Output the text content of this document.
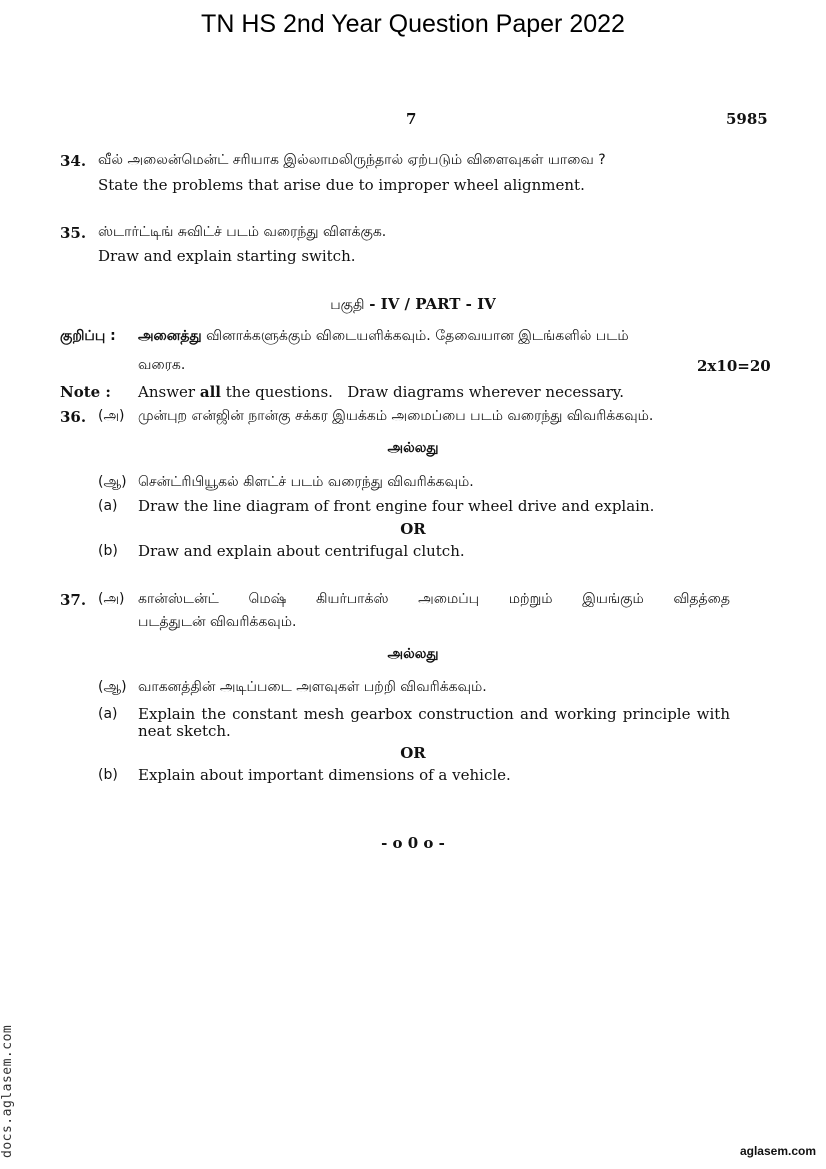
TN HS 2nd Year Question Paper 2022
7	5985
34. வீல் அலைன்மென்ட் சரியாக இல்லாமலிருந்தால் ஏற்படும் விளைவுகள் யாவை ?
State the problems that arise due to improper wheel alignment.
35. ஸ்டார்ட்டிங் சுவிட்ச் படம் வரைந்து விளக்குக.
Draw and explain starting switch.
பகுதி - IV / PART - IV
குறிப்பு : அனைத்து வினாக்களுக்கும் விடையளிக்கவும். தேவையான இடங்களில் படம்
வரைக.	2x10=20
Note : Answer all the questions.   Draw diagrams wherever necessary.
36. (அ) முன்புற என்ஜின் நான்கு சக்கர இயக்கம் அமைப்பை படம் வரைந்து விவரிக்கவும்.
அல்லது
(ஆ) சென்ட்ரிபியூகல் கிளட்ச் படம் வரைந்து விவரிக்கவும்.
(a) Draw the line diagram of front engine four wheel drive and explain.
OR
(b) Draw and explain about centrifugal clutch.
37. (அ) கான்ஸ்டன்ட் மெஷ் கியர்பாக்ஸ் அமைப்பு மற்றும் இயங்கும் விதத்தை
படத்துடன் விவரிக்கவும்.
அல்லது
(ஆ) வாகனத்தின் அடிப்படை அளவுகள் பற்றி விவரிக்கவும்.
(a) Explain the constant mesh gearbox construction and working principle with
neat sketch.
OR
(b) Explain about important dimensions of a vehicle.
- o 0 o -
docs.aglasem.com	aglasem.com
